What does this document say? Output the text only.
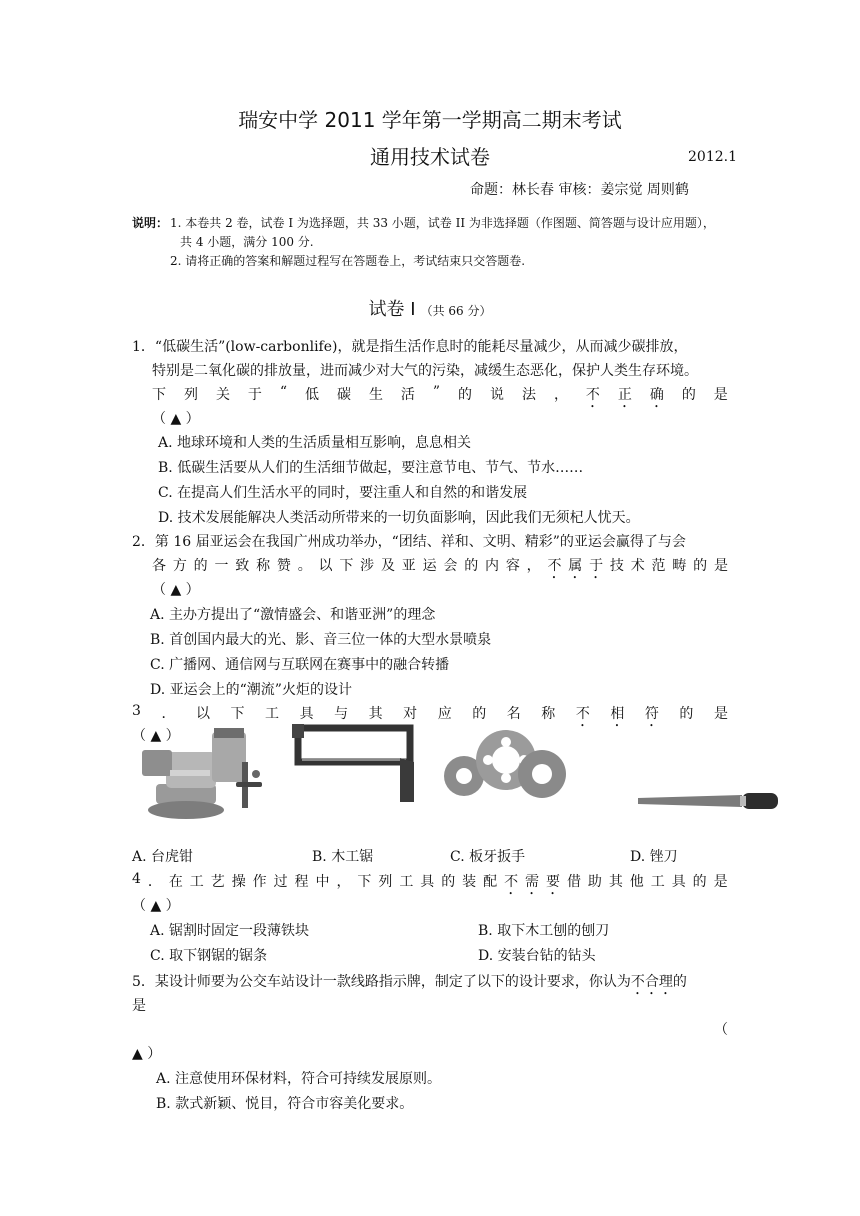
瑞安中学 2011 学年第一学期高二期末考试
通用技术试卷	2012.1
命题：林长春 审核：姜宗觉 周则鹤
说明： 1. 本卷共 2 卷，试卷 I 为选择题，共 33 小题，试卷 II 为非选择题（作图题、简答题与设计应用题），
共 4 小题，满分 100 分.
2. 请将正确的答案和解题过程写在答题卷上，考试结束只交答题卷.
试卷 I （共 66 分）
1．“低碳生活”(low-carbonlife)，就是指生活作息时的能耗尽量减少，从而减少碳排放，
特别是二氧化碳的排放量，进而减少对大气的污染，减缓生态恶化，保护人类生存环境。
下 列 关 于 “ 低 碳 生 活 ” 的 说 法 ， 不 正 确 的 是
（ ▲ ）
A. 地球环境和人类的生活质量相互影响，息息相关
B. 低碳生活要从人们的生活细节做起，要注意节电、节气、节水……
C. 在提高人们生活水平的同时，要注重人和自然的和谐发展
D. 技术发展能解决人类活动所带来的一切负面影响，因此我们无须杞人忧天。
2．第 16 届亚运会在我国广州成功举办，“团结、祥和、文明、精彩”的亚运会赢得了与会
各 方 的 一 致 称 赞 。 以 下 涉 及 亚 运 会 的 内 容 ， 不 属 于 技 术 范 畴 的 是
（ ▲ ）
A. 主办方提出了“激情盛会、和谐亚洲”的理念
B. 首创国内最大的光、影、音三位一体的大型水景喷泉
C. 广播网、通信网与互联网在赛事中的融合转播
D. 亚运会上的“潮流”火炬的设计
3 ． 以 下 工 具 与 其 对 应 的 名 称 不 相 符 的 是
（ ▲ ）
A. 台虎钳	B. 木工锯	C. 板牙扳手	D. 锉刀
4 ． 在 工 艺 操 作 过 程 中 ， 下 列 工 具 的 装 配 不 需 要 借 助 其 他 工 具 的 是
（ ▲ ）
A. 锯割时固定一段薄铁块	B. 取下木工刨的刨刀
C. 取下钢锯的锯条	D. 安装台钻的钻头
5．某设计师要为公交车站设计一款线路指示牌，制定了以下的设计要求，你认为不合理的
是
（
▲ ）
A. 注意使用环保材料，符合可持续发展原则。
B. 款式新颖、悦目，符合市容美化要求。
